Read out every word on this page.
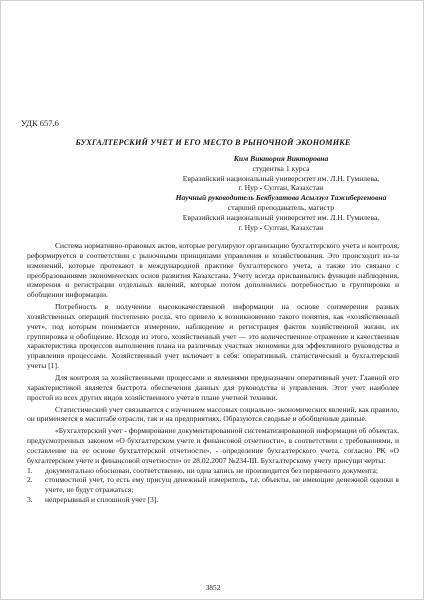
УДК 657.6
БУХГАЛТЕРСКИЙ УЧЕТ И ЕГО МЕСТО В РЫНОЧНОЙ ЭКОНОМИКЕ
Ким Виктория Викторовна
студентка 1 курса
Евразийский национальный университет им. Л.Н. Гумилева,
г. Нур - Султан, Казахстан
Научный руководитель Бекбулатова Асылзул Тажибергеновна
старший преподаватель, магистр
Евразийский национальный университет им. Л.Н. Гумилева,
г. Нур - Султан, Казахстан

Система нормативно-правовых актов, которые регулируют организацию бухгалтерского учета и контроля, реформируется в соответствии с рыночными принципами управления и хозяйствования. Это происходит из-за изменений, которые протекают в международной практике бухгалтерского учета, а также это связано с преобразованиями экономических основ развития Казахстана. Учету всегда присваивались функции наблюдения, измерения и регистрации отдельных явлений, которые потом дополнились потребностью в группировке и обобщении информации.

Потребность в получении высококачественной информации на основе соизмерения разных хозяйственных операций постепенно росла, что привело к возникновению такого понятия, как «хозяйственный учет», под которым понимается измерение, наблюдение и регистрация фактов хозяйственной жизни, их группировка и обобщение. Исходя из этого, хозяйственный учет — это количественное отражение и качественная характеристика процессов выполнения плана на различных участках экономики для эффективного руководства и управления процессами. Хозяйственный учет включает в себя: оперативный, статистический и бухгалтерский учеты [1].

Для контроля за хозяйственными процессами и явлениями предназначен оперативный учет. Главной его характеристикой является быстрота обеспечения данных для руководства и управления. Этот учет наиболее простой из всех других видов хозяйственного учета в плане учетной техники.

Статистический учет связывается с изучением массовых социально- экономических явлений, как правило, он применяется в масштабе отрасли, так и на предприятиях. Образуются сводные и обобщенные данные.

«Бухгалтерский учет - формирование документированной систематизированной информации об объектах, предусмотренных законом «О бухгалтерском учете и финансовой отчетности», в соответствии с требованиями, и составление на ее основе бухгалтерской отчетности», - определение бухгалтерского учета, согласно РК «О бухгалтерском учете и финансовой отчетности» от 28.02.2007 №234-III. Бухгалтерскому учету присущи черты:

1. документально обоснован, соответственно, ни одна запись не производится без первичного документа;
2. стоимостной учет, то есть ему присущ денежный измеритель, т.е. объекты, не имеющие денежной оценки в учете, не будут отражаться;
3. непрерывный и сплошной учет [3].
3852
